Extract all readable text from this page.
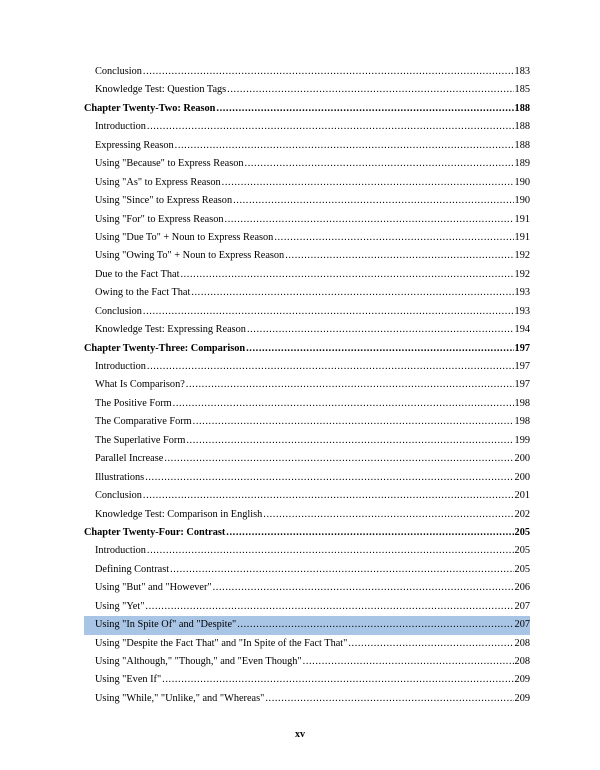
Conclusion .....	183
Knowledge Test: Question Tags .....	185
Chapter Twenty-Two: Reason .....	188
Introduction .....	188
Expressing Reason .....	188
Using "Because" to Express Reason .....	189
Using "As" to Express Reason .....	190
Using "Since" to Express Reason .....	190
Using "For" to Express Reason .....	191
Using "Due To" + Noun to Express Reason .....	191
Using "Owing To" + Noun to Express Reason .....	192
Due to the Fact That .....	192
Owing to the Fact That .....	193
Conclusion .....	193
Knowledge Test: Expressing Reason .....	194
Chapter Twenty-Three: Comparison .....	197
Introduction .....	197
What Is Comparison? .....	197
The Positive Form .....	198
The Comparative Form .....	198
The Superlative Form .....	199
Parallel Increase .....	200
Illustrations .....	200
Conclusion .....	201
Knowledge Test: Comparison in English .....	202
Chapter Twenty-Four: Contrast .....	205
Introduction .....	205
Defining Contrast .....	205
Using "But" and "However" .....	206
Using "Yet" .....	207
Using "In Spite Of" and "Despite" .....	207
Using "Despite the Fact That" and "In Spite of the Fact That" .....	208
Using "Although," "Though," and "Even Though" .....	208
Using "Even If" .....	209
Using "While," "Unlike," and "Whereas" .....	209
xv
